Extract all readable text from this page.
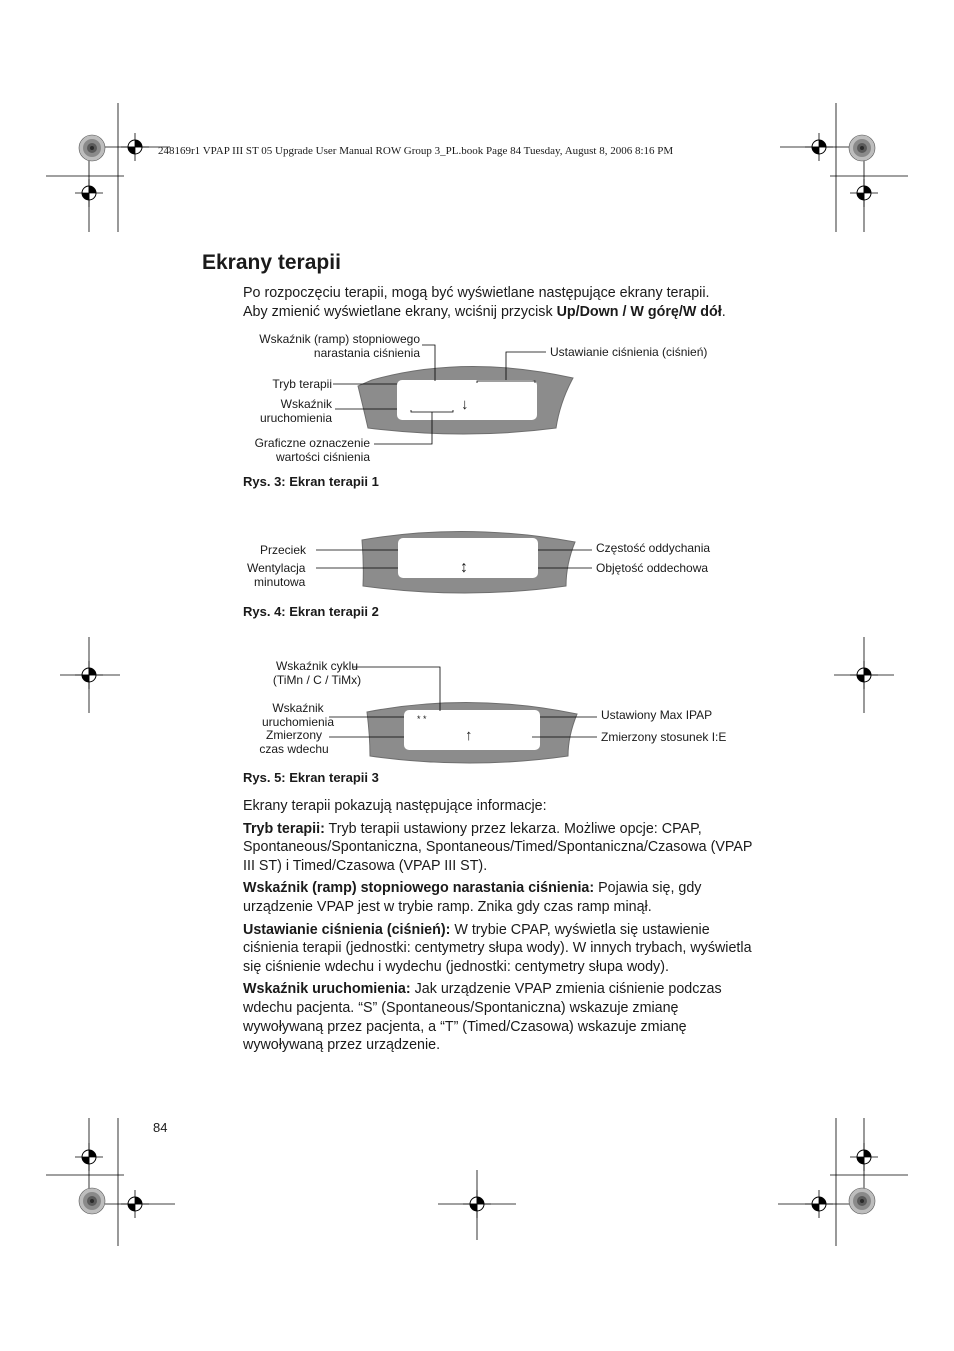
248169r1 VPAP III ST 05 Upgrade User Manual ROW Group 3_PL.book Page 84 Tuesday, August 8, 2006 8:16 PM
Ekrany terapii
Po rozpoczęciu terapii, mogą być wyświetlane następujące ekrany terapii.
Aby zmienić wyświetlane ekrany, wciśnij przycisk Up/Down / W górę/W dół.
Wskaźnik (ramp) stopniowego
narastania ciśnienia	Ustawianie ciśnienia (ciśnień)
Tryb terapii
Wskaźnik
uruchomienia
Graficzne oznaczenie
wartości ciśnienia
↓
Rys. 3: Ekran terapii 1
Przeciek
Wentylacja
minutowa
Częstość oddychania
Objętość oddechowa
↕
Rys. 4: Ekran terapii 2
Wskaźnik cyklu
(TiMn / C / TiMx)
Wskaźnik
uruchomienia
Zmierzony
czas wdechu
Ustawiony Max IPAP
Zmierzony stosunek I:E
* *
↑
Rys. 5: Ekran terapii 3

Ekrany terapii pokazują następujące informacje:

Tryb terapii: Tryb terapii ustawiony przez lekarza. Możliwe opcje: CPAP, Spontaneous/Spontaniczna, Spontaneous/Timed/Spontaniczna/Czasowa (VPAP III ST) i Timed/Czasowa (VPAP III ST).

Wskaźnik (ramp) stopniowego narastania ciśnienia: Pojawia się, gdy urządzenie VPAP jest w trybie ramp. Znika gdy czas ramp minął.

Ustawianie ciśnienia (ciśnień): W trybie CPAP, wyświetla się ustawienie ciśnienia terapii (jednostki: centymetry słupa wody). W innych trybach, wyświetla się ciśnienie wdechu i wydechu (jednostki: centymetry słupa wody).

Wskaźnik uruchomienia: Jak urządzenie VPAP zmienia ciśnienie podczas wdechu pacjenta. “S” (Spontaneous/Spontaniczna) wskazuje zmianę wywoływaną przez pacjenta, a “T” (Timed/Czasowa) wskazuje zmianę wywoływaną przez urządzenie.

84
